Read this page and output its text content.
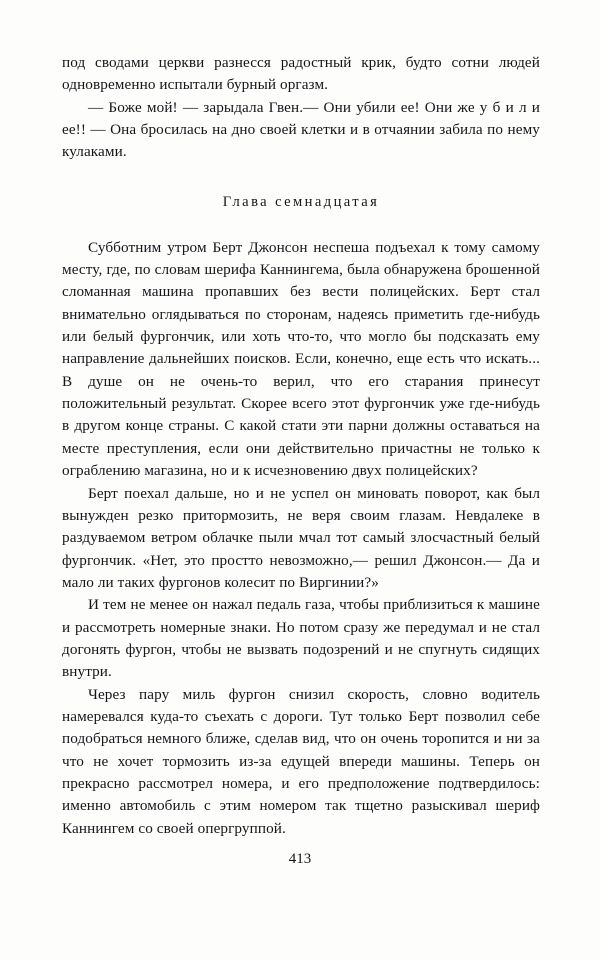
под сводами церкви разнесся радостный крик, будто сотни людей одновременно испытали бурный оргазм.

— Боже мой! — зарыдала Гвен.— Они убили ее! Они же у б и л и ее!! — Она бросилась на дно своей клетки и в отчаянии забила по нему кулаками.

Глава семнадцатая

Субботним утром Берт Джонсон неспеша подъехал к тому самому месту, где, по словам шерифа Каннингема, была обнаружена брошенной сломанная машина пропавших без вести полицейских. Берт стал внимательно оглядываться по сторонам, надеясь приметить где-нибудь или белый фургончик, или хоть что-то, что могло бы подсказать ему направление дальнейших поисков. Если, конечно, еще есть что искать... В душе он не очень-то верил, что его старания принесут положительный результат. Скорее всего этот фургончик уже где-нибудь в другом конце страны. С какой стати эти парни должны оставаться на месте преступления, если они действительно причастны не только к ограблению магазина, но и к исчезновению двух полицейских?

Берт поехал дальше, но и не успел он миновать поворот, как был вынужден резко притормозить, не веря своим глазам. Невдалеке в раздуваемом ветром облачке пыли мчал тот самый злосчастный белый фургончик. «Нет, это простто невозможно,— решил Джонсон.— Да и мало ли таких фургонов колесит по Виргинии?»

И тем не менее он нажал педаль газа, чтобы приблизиться к машине и рассмотреть номерные знаки. Но потом сразу же передумал и не стал догонять фургон, чтобы не вызвать подозрений и не спугнуть сидящих внутри.

Через пару миль фургон снизил скорость, словно водитель намеревался куда-то съехать с дороги. Тут только Берт позволил себе подобраться немного ближе, сделав вид, что он очень торопится и ни за что не хочет тормозить из-за едущей впереди машины. Теперь он прекрасно рассмотрел номера, и его предположение подтвердилось: именно автомобиль с этим номером так тщетно разыскивал шериф Каннингем со своей опергруппой.

413
